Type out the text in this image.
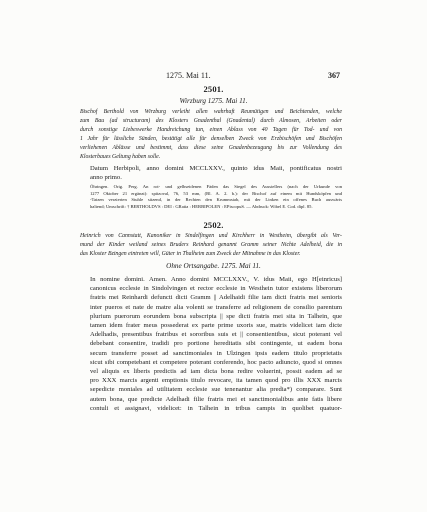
1275. Mai 11.	367
2501.
Wirzburg 1275. Mai 11.
Bischof Berthold von Wirzburg verleiht allen wahrhaft Reumütigen und Beichtenden, welche
zum Bau (ad structuram) des Klosters Gnadenthal (Gnadental) durch Almosen, Arbeiten oder
durch sonstige Liebeswerke Handreichung tun, einen Ablass von 40 Tagen für Tod- und von
1 Jahr für lässliche Sünden, bestätigt alle für denselben Zweck von Erzbischöfen und Bischöfen
verliehenen Ablässe und bestimmt, dass diese seine Gnadenbezeugung bis zur Vollendung des
Klosterbaues Geltung haben solle.
Datum Herbipoli, anno domini MCCLXXV., quinto idus Maii, pontificatus nostri
anno primo.
Öhringen. Orig. Perg. An rot- und gelbseidenen Fäden das Siegel des Ausstellers (nach der Urkunde von
1277 Oktober 21 ergänzt): spitzoval, 76, 53 mm, (Bl. A. 2. b.): der Bischof auf einem mit Hundsköpfen und
-Tatzen verzierten Stuhle sitzend, in der Rechten den Krummstab, mit der Linken ein offenes Buch auswärts
haltend; Umschrift: † BERTHOLDVS : DEI : GRatia : HERBIPOLEN : EPiscopuS. — Abdruck: Wibel E. Cod. dipl. 85.
2502.
Heinrich von Cannstatt, Kanoniker in Sindelfingen und Kirchherr in Westheim, übergibt als Ver-
mund der Kinder weiland seines Bruders Reinhard genannt Gramm seiner Nichte Adelheid, die in
das Kloster Bzingen eintreten will, Güter in Thalheim zum Zweck der Mitnahme in das Kloster.
Ohne Ortsangabe. 1275. Mai 11.
In nomine domini. Amen. Anno domini MCCLXXV., V. idus Maii, ego H[einricus]
canonicus ecclesie in Sindolvingen et rector ecclesie in Westhein tutor existens liberorum
fratris mei Reinhardi defuncti dicti Gramm || Adelhaidi filie iam dicti fratris mei senioris
inter pueros et nate de matre alia volenti se transferre ad religionem de consilio parentum
plurium puerorum eorundem bona subscripta || spe dicti fratris mei sita in Talhein, que
tamen idem frater meus possederat ex parte prime uxoris sue, matris videlicet iam dicte
Adelhadis, presentibus fratribus et sororibus suis et || consentientibus, sicut poterant vel
debebant consentire, tradidi pro portione hereditatis sibi contingente, ut eadem bona
secum transferre posset ad sanctimoniales in Ulzingen ipsis eadem titulo proprietatis
sicut sibi competebant et competere poterant conferendo, hoc pacto adiuncto, quod si omnes
vel aliquis ex liberis predictis ad iam dicta bona redire voluerint, possit eadem ad se
pro XXX marcis argenti emptionis titulo revocare, ita tamen quod pro illis XXX marcis
sepedicte moniales ad utilitatem ecclesie sue tenenantur alia predia*) comparare. Sunt
autem bona, que predicte Adelhadi filie fratris mei et sanctimonialibus ante fatis libere
contuli et assignavi, videlicet: in Talhein in tribus campis in quolibet quatuor-
